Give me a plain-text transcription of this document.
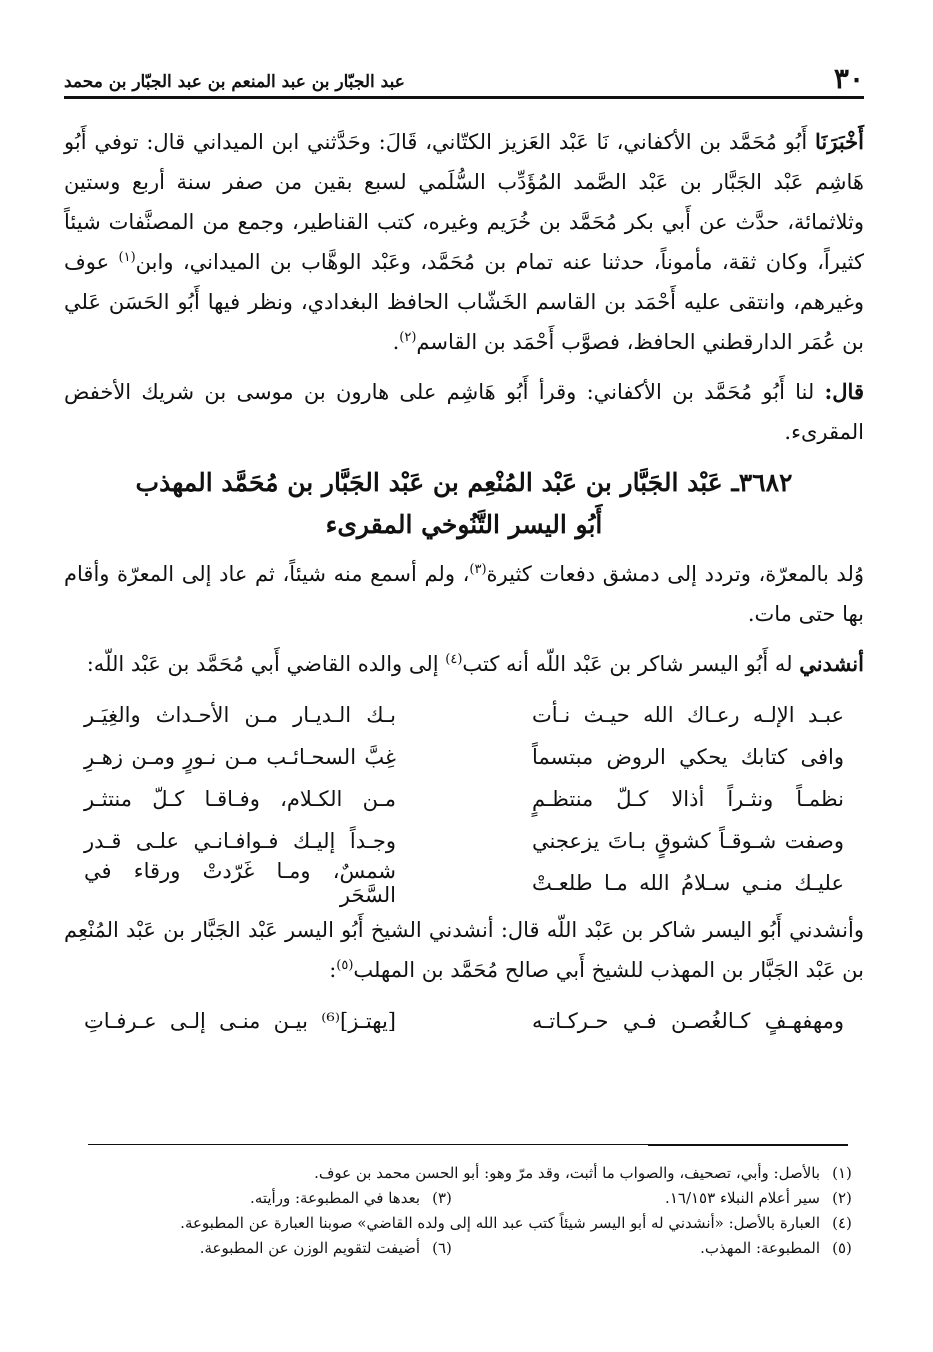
٣٠
عبد الجبّار بن عبد المنعم بن عبد الجبّار بن محمد

أَخْبَرَنَا أَبُو مُحَمَّد بن الأكفاني، نَا عَبْد العَزيز الكتّاني، قَالَ: وحَدَّثني ابن الميداني قال: توفي أَبُو هَاشِم عَبْد الجَبَّار بن عَبْد الصَّمد المُؤَدِّب السُّلَمي لسبع بقين من صفر سنة أربع وستين وثلاثمائة، حدَّث عن أَبي بكر مُحَمَّد بن خُرَيم وغيره، كتب القناطير، وجمع من المصنَّفات شيئاً كثيراً، وكان ثقة، مأموناً، حدثنا عنه تمام بن مُحَمَّد، وعَبْد الوهَّاب بن الميداني، وابن$^{(١)}$ عوف وغيرهم، وانتقى عليه أَحْمَد بن القاسم الخَشّاب الحافظ البغدادي، ونظر فيها أَبُو الحَسَن عَلي بن عُمَر الدارقطني الحافظ، فصوَّب أَحْمَد بن القاسم$^{(٢)}$.

قال: لنا أَبُو مُحَمَّد بن الأكفاني: وقرأ أَبُو هَاشِم على هارون بن موسى بن شريك الأخفض المقرىء.

٣٦٨٢ـ عَبْد الجَبَّار بن عَبْد المُنْعِم بن عَبْد الجَبَّار بن مُحَمَّد المهذب
أَبُو اليسر التَّنُوخي المقرىء

وُلد بالمعرّة، وتردد إلى دمشق دفعات كثيرة$^{(٣)}$، ولم أسمع منه شيئاً، ثم عاد إلى المعرّة وأقام بها حتى مات.

أنشدني له أَبُو اليسر شاكر بن عَبْد اللّه أنه كتب$^{(٤)}$ إلى والده القاضي أَبي مُحَمَّد بن عَبْد اللّه:

عبـد الإلـه رعـاك الله حيـث نـأت
بـك الـديـار مـن الأحـداث والغِيَـر
وافى كتابك يحكي الروض مبتسماً
غِبَّ السحـائـب مـن نـورٍ ومـن زهـرِ
نظمـاً ونثـراً أذالا كـلّ منتظـمٍ
مـن الكـلام، وفـاقـا كـلّ منتثـر
وصفت شـوقـاً كشوقٍ بـاتَ يزعجني
وجـداً إليـك فـوافـانـي علـى قـدر
عليـك منـي سـلامُ الله مـا طلعـتْ
شمسٌ، ومـا غَرّدتْ ورقاء في السَّحَر

وأنشدني أَبُو اليسر شاكر بن عَبْد اللّه قال: أنشدني الشيخ أَبُو اليسر عَبْد الجَبَّار بن عَبْد المُنْعِم بن عَبْد الجَبَّار بن المهذب للشيخ أَبي صالح مُحَمَّد بن المهلب$^{(٥)}$:

ومهفهـفٍ كـالغُصـن فـي حـركـاتـه
[يهتـز]⁽⁶⁾ بيـن منـى إلـى عـرفـاتِ
(١)
بالأصل: وأبي، تصحيف، والصواب ما أثبت، وقد مرّ وهو: أبو الحسن محمد بن عوف.
(٢)
سير أعلام النبلاء ١٦/١٥٣.
(٣)
بعدها في المطبوعة: ورأيته.
(٤)
العبارة بالأصل: «أنشدني له أبو اليسر شيئاً كتب عبد الله إلى ولده القاضي» صوبنا العبارة عن المطبوعة.
(٥)
المطبوعة: المهذب.
(٦)
أضيفت لتقويم الوزن عن المطبوعة.
